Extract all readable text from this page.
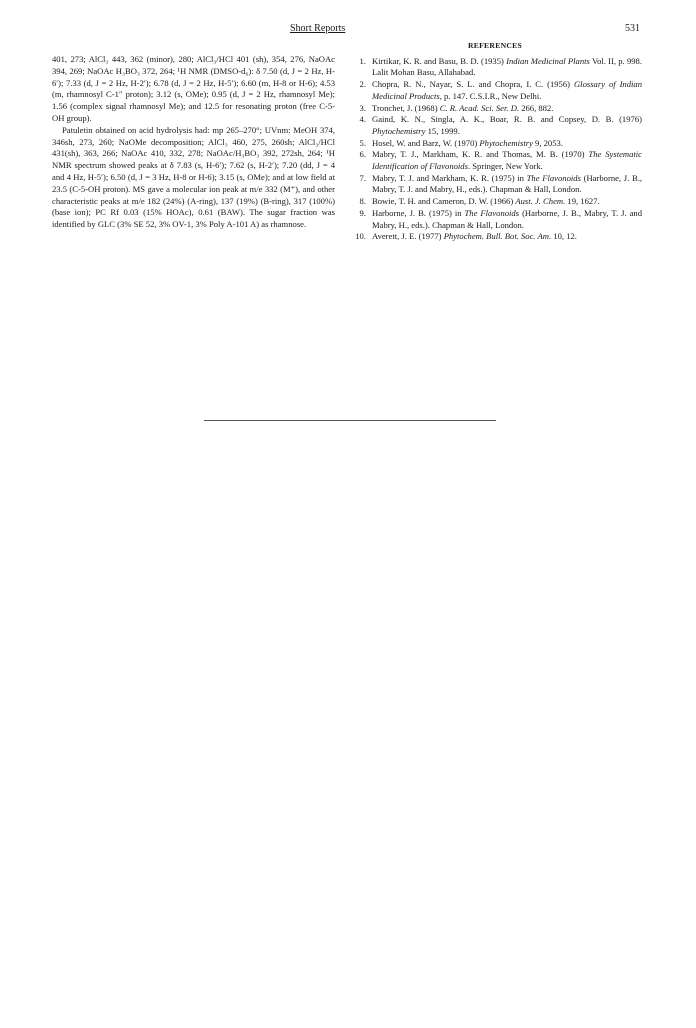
Short Reports	531

401, 273; AlCl₃ 443, 362 (minor), 280; AlCl₃/HCl 401 (sh), 354, 276, NaOAc 394, 269; NaOAc H₃BO₃ 372, 264; ¹H NMR (DMSO-d₆): δ 7.50 (d, J = 2 Hz, H-6′); 7.33 (d, J = 2 Hz, H-2′); 6.78 (d, J = 2 Hz, H-5′); 6.60 (m, H-8 or H-6); 4.53 (m, rhamnosyl C-1″ proton); 3.12 (s, OMe); 0.95 (d, J = 2 Hz, rhamnosyl Me); 1.56 (complex signal rhamnosyl Me); and 12.5 for resonating proton (free C-5-OH group).

Patuletin obtained on acid hydrolysis had: mp 265–270°; UVnm: MeOH 374, 346sh, 273, 260; NaOMe decomposition; AlCl₃ 460, 275, 260sh; AlCl₃/HCl 431(sh), 363, 266; NaOAc 410, 332, 278; NaOAc/H₃BO₃ 392, 272sh, 264; ¹H NMR spectrum showed peaks at δ 7.83 (s, H-6′); 7.62 (s, H-2′); 7.20 (dd, J = 4 and 4 Hz, H-5′); 6.50 (d, J = 3 Hz, H-8 or H-6); 3.15 (s, OMe); and at low field at 23.5 (C-5-OH proton). MS gave a molecular ion peak at m/e 332 (M⁺), and other characteristic peaks at m/e 182 (24%) (A-ring), 137 (19%) (B-ring), 317 (100%) (base ion); PC Rf 0.03 (15% HOAc), 0.61 (BAW). The sugar fraction was identified by GLC (3% SE 52, 3% OV-1, 3% Poly A-101 A) as rhamnose.

REFERENCES
1. Kirtikar, K. R. and Basu, B. D. (1935) Indian Medicinal Plants Vol. II, p. 998. Lalit Mohan Basu, Allahabad.
2. Chopra, R. N., Nayar, S. L. and Chopra, I. C. (1956) Glossary of Indian Medicinal Products, p. 147. C.S.I.R., New Delhi.
3. Tronchet, J. (1968) C. R. Acad. Sci. Ser. D. 266, 882.
4. Gaind, K. N., Singla, A. K., Boar, R. B. and Copsey, D. B. (1976) Phytochemistry 15, 1999.
5. Hosel, W. and Barz, W. (1970) Phytochemistry 9, 2053.
6. Mabry, T. J., Markham, K. R. and Thomas, M. B. (1970) The Systematic Identification of Flavonoids. Springer, New York.
7. Mabry, T. J. and Markham, K. R. (1975) in The Flavonoids (Harborne, J. B., Mabry, T. J. and Mabry, H., eds.). Chapman & Hall, London.
8. Bowie, T. H. and Cameron, D. W. (1966) Aust. J. Chem. 19, 1627.
9. Harborne, J. B. (1975) in The Flavonoids (Harborne, J. B., Mabry, T. J. and Mabry, H., eds.). Chapman & Hall, London.
10. Averett, J. E. (1977) Phytochem. Bull. Bot. Soc. Am. 10, 12.
